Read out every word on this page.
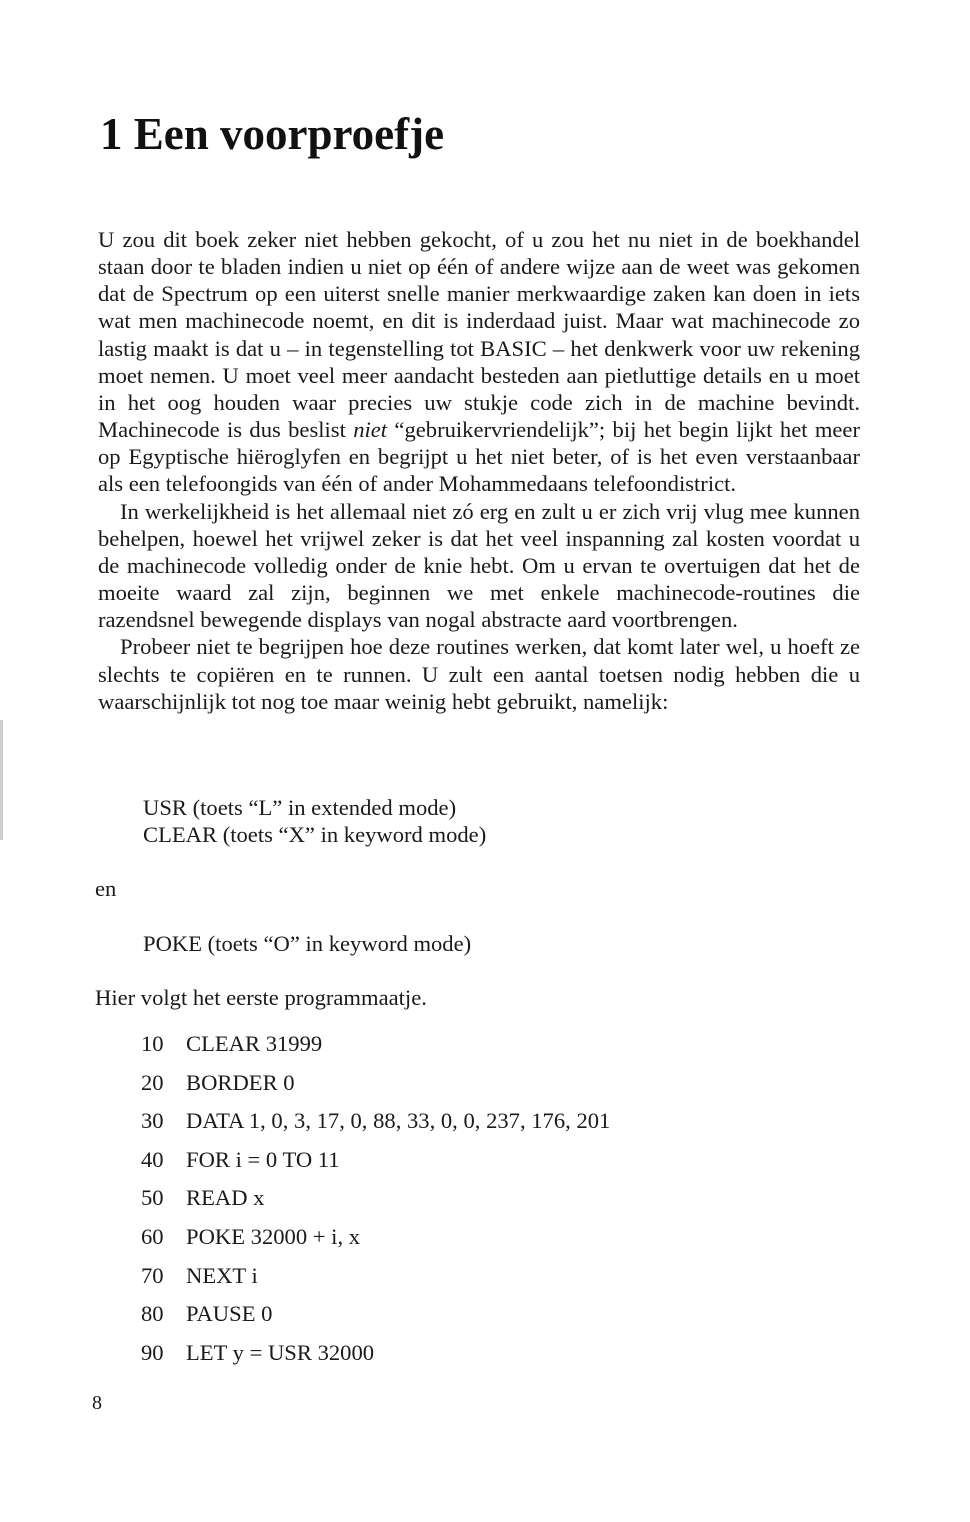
1 Een voorproefje

U zou dit boek zeker niet hebben gekocht, of u zou het nu niet in de boekhandel staan door te bladen indien u niet op één of andere wijze aan de weet was gekomen dat de Spectrum op een uiterst snelle manier merkwaardige zaken kan doen in iets wat men machinecode noemt, en dit is inderdaad juist. Maar wat machinecode zo lastig maakt is dat u – in tegenstelling tot BASIC – het denkwerk voor uw rekening moet nemen. U moet veel meer aandacht besteden aan pietluttige details en u moet in het oog houden waar precies uw stukje code zich in de machine bevindt. Machinecode is dus beslist niet “gebruikervriendelijk”; bij het begin lijkt het meer op Egyptische hiëroglyfen en begrijpt u het niet beter, of is het even verstaanbaar als een telefoongids van één of ander Mohammedaans telefoondistrict.

In werkelijkheid is het allemaal niet zó erg en zult u er zich vrij vlug mee kunnen behelpen, hoewel het vrijwel zeker is dat het veel inspanning zal kosten voordat u de machinecode volledig onder de knie hebt. Om u ervan te overtuigen dat het de moeite waard zal zijn, beginnen we met enkele machinecode-routines die razendsnel bewegende displays van nogal abstracte aard voortbrengen.

Probeer niet te begrijpen hoe deze routines werken, dat komt later wel, u hoeft ze slechts te copiëren en te runnen. U zult een aantal toetsen nodig hebben die u waarschijnlijk tot nog toe maar weinig hebt gebruikt, namelijk:

USR (toets “L” in extended mode)
CLEAR (toets “X” in keyword mode)
en
POKE (toets “O” in keyword mode)
Hier volgt het eerste programmaatje.
10 CLEAR 31999
20 BORDER 0
30 DATA 1, 0, 3, 17, 0, 88, 33, 0, 0, 237, 176, 201
40 FOR i = 0 TO 11
50 READ x
60 POKE 32000 + i, x
70 NEXT i
80 PAUSE 0
90 LET y = USR 32000
8
